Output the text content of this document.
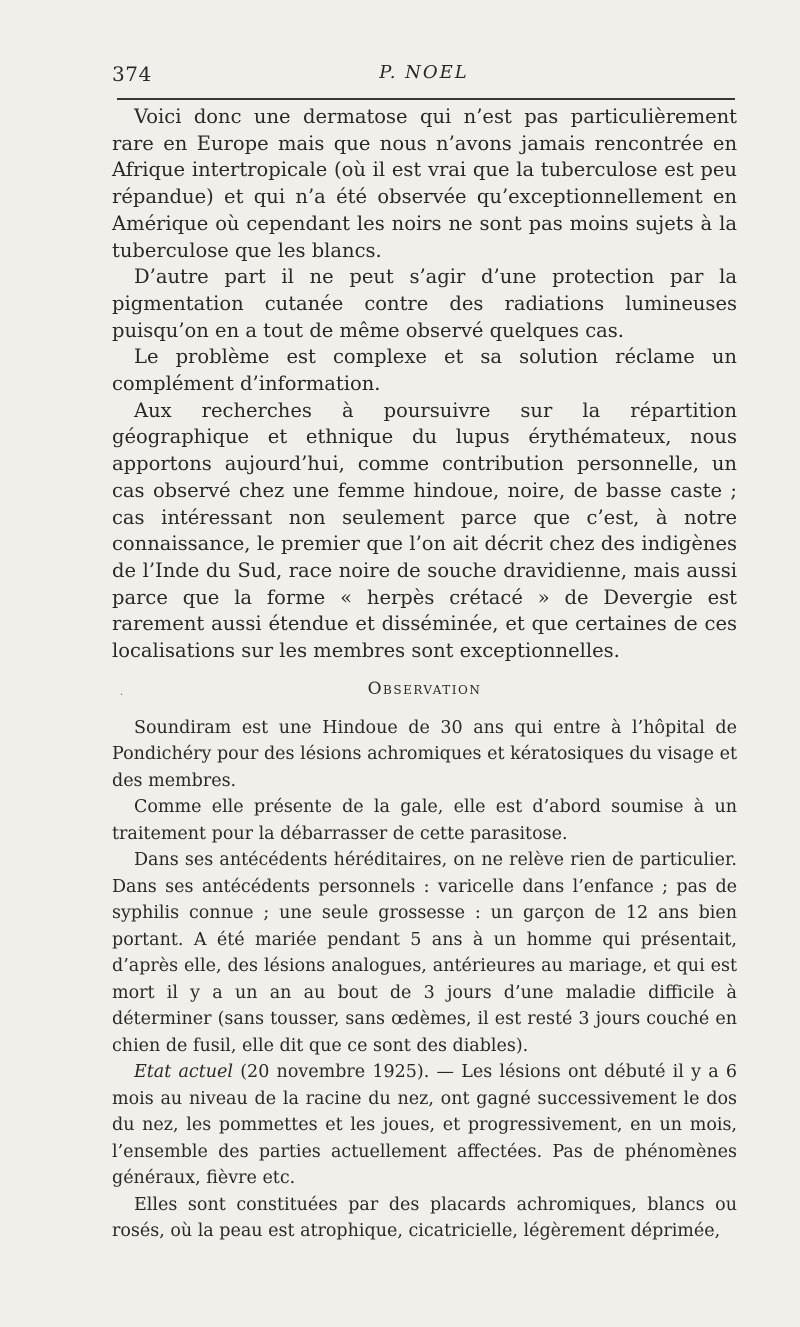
374	P. NOEL
·

Voici donc une dermatose qui n’est pas particulièrement rare en Europe mais que nous n’avons jamais rencontrée en Afrique intertropicale (où il est vrai que la tuberculose est peu répandue) et qui n’a été observée qu’exceptionnellement en Amérique où cependant les noirs ne sont pas moins sujets à la tuberculose que les blancs.

D’autre part il ne peut s’agir d’une protection par la pigmentation cutanée contre des radiations lumineuses puisqu’on en a tout de même observé quelques cas.

Le problème est complexe et sa solution réclame un complément d’information.

Aux recherches à poursuivre sur la répartition géographique et ethnique du lupus érythémateux, nous apportons aujourd’hui, comme contribution personnelle, un cas observé chez une femme hindoue, noire, de basse caste ; cas intéressant non seulement parce que c’est, à notre connaissance, le premier que l’on ait décrit chez des indigènes de l’Inde du Sud, race noire de souche dravidienne, mais aussi parce que la forme « herpès crétacé » de Devergie est rarement aussi étendue et disséminée, et que certaines de ces localisations sur les membres sont exceptionnelles.

Observation

Soundiram est une Hindoue de 30 ans qui entre à l’hôpital de Pondichéry pour des lésions achromiques et kératosiques du visage et des membres.

Comme elle présente de la gale, elle est d’abord soumise à un traitement pour la débarrasser de cette parasitose.

Dans ses antécédents héréditaires, on ne relève rien de particulier. Dans ses antécédents personnels : varicelle dans l’enfance ; pas de syphilis connue ; une seule grossesse : un garçon de 12 ans bien portant. A été mariée pendant 5 ans à un homme qui présentait, d’après elle, des lésions analogues, antérieures au mariage, et qui est mort il y a un an au bout de 3 jours d’une maladie difficile à déterminer (sans tousser, sans œdèmes, il est resté 3 jours couché en chien de fusil, elle dit que ce sont des diables).

Etat actuel (20 novembre 1925). — Les lésions ont débuté il y a 6 mois au niveau de la racine du nez, ont gagné successivement le dos du nez, les pommettes et les joues, et progressivement, en un mois, l’ensemble des parties actuellement affectées. Pas de phénomènes généraux, fièvre etc.

Elles sont constituées par des placards achromiques, blancs ou rosés, où la peau est atrophique, cicatricielle, légèrement déprimée,
